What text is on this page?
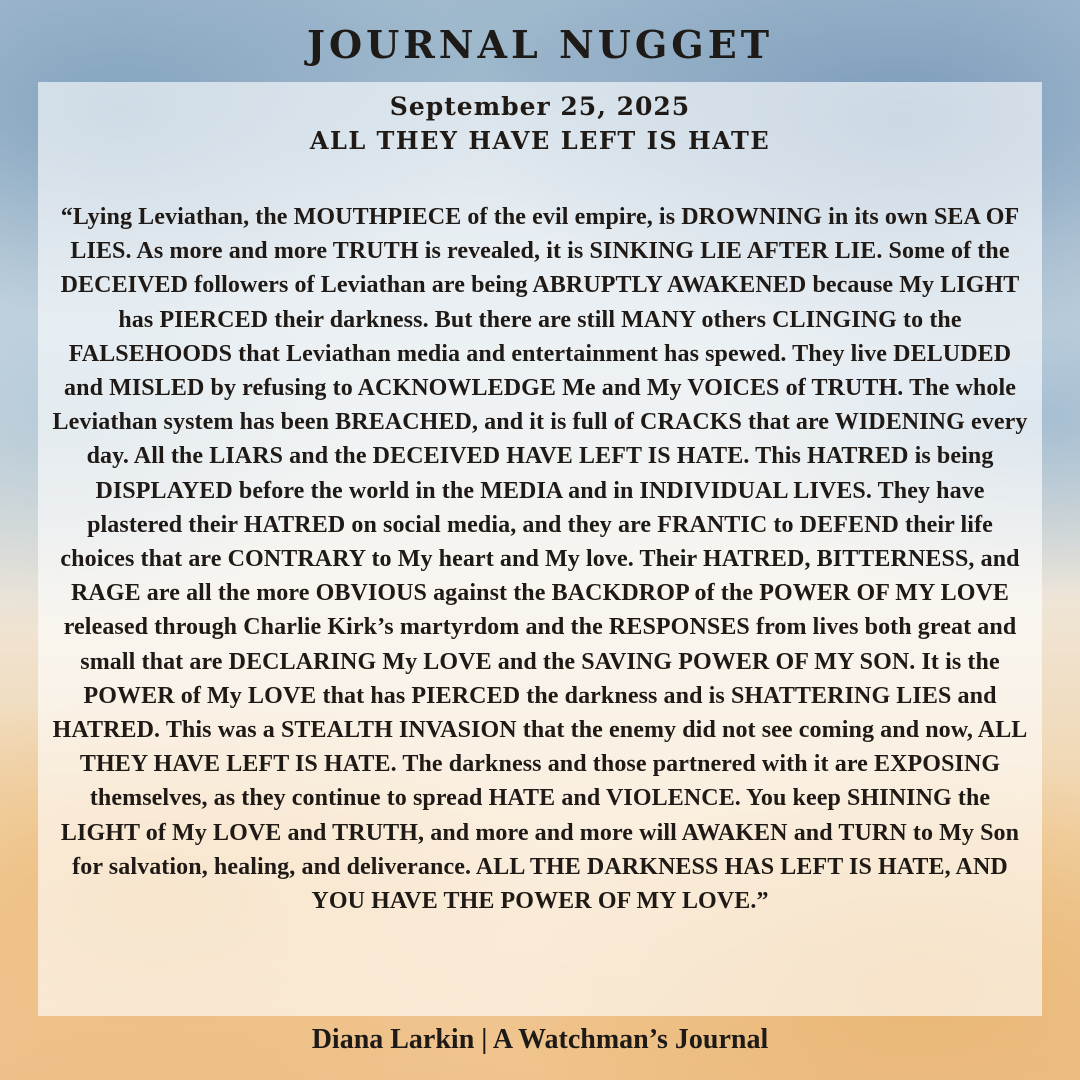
JOURNAL NUGGET
September 25, 2025
ALL THEY HAVE LEFT IS HATE
“Lying Leviathan, the MOUTHPIECE of the evil empire, is DROWNING in its own SEA OF LIES. As more and more TRUTH is revealed, it is SINKING LIE AFTER LIE. Some of the DECEIVED followers of Leviathan are being ABRUPTLY AWAKENED because My LIGHT has PIERCED their darkness. But there are still MANY others CLINGING to the FALSEHOODS that Leviathan media and entertainment has spewed. They live DELUDED and MISLED by refusing to ACKNOWLEDGE Me and My VOICES of TRUTH. The whole Leviathan system has been BREACHED, and it is full of CRACKS that are WIDENING every day. All the LIARS and the DECEIVED HAVE LEFT IS HATE. This HATRED is being DISPLAYED before the world in the MEDIA and in INDIVIDUAL LIVES. They have plastered their HATRED on social media, and they are FRANTIC to DEFEND their life choices that are CONTRARY to My heart and My love. Their HATRED, BITTERNESS, and RAGE are all the more OBVIOUS against the BACKDROP of the POWER OF MY LOVE released through Charlie Kirk’s martyrdom and the RESPONSES from lives both great and small that are DECLARING My LOVE and the SAVING POWER OF MY SON. It is the POWER of My LOVE that has PIERCED the darkness and is SHATTERING LIES and HATRED. This was a STEALTH INVASION that the enemy did not see coming and now, ALL THEY HAVE LEFT IS HATE. The darkness and those partnered with it are EXPOSING themselves, as they continue to spread HATE and VIOLENCE. You keep SHINING the LIGHT of My LOVE and TRUTH, and more and more will AWAKEN and TURN to My Son for salvation, healing, and deliverance. ALL THE DARKNESS HAS LEFT IS HATE, AND YOU HAVE THE POWER OF MY LOVE.”
Diana Larkin | A Watchman’s Journal
